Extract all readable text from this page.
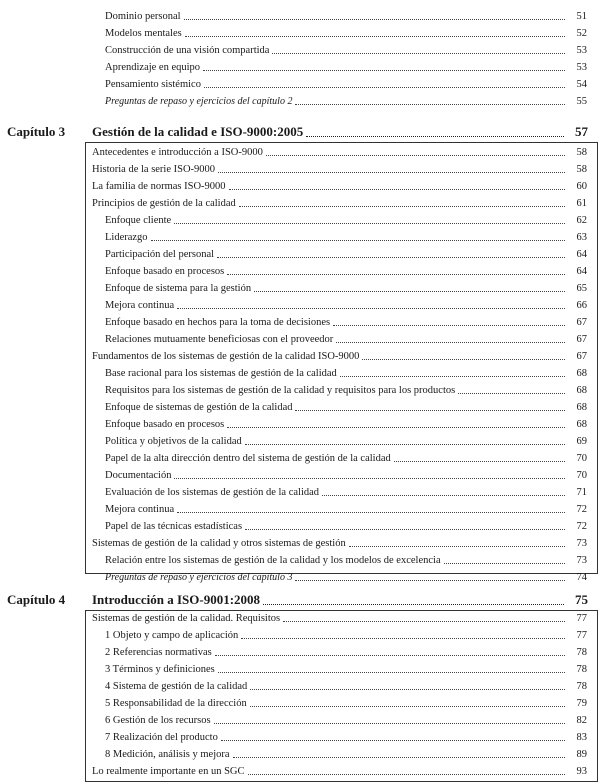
Dominio personal	51
Modelos mentales	52
Construcción de una visión compartida	53
Aprendizaje en equipo	53
Pensamiento sistémico	54
Preguntas de repaso y ejercicios del capítulo 2	55
Capítulo 3 Gestión de la calidad e ISO-9000:2005	57
Antecedentes e introducción a ISO-9000	58
Historia de la serie ISO-9000	58
La familia de normas ISO-9000	60
Principios de gestión de la calidad	61
Enfoque cliente	62
Liderazgo	63
Participación del personal	64
Enfoque basado en procesos	64
Enfoque de sistema para la gestión	65
Mejora continua	66
Enfoque basado en hechos para la toma de decisiones	67
Relaciones mutuamente beneficiosas con el proveedor	67
Fundamentos de los sistemas de gestión de la calidad ISO-9000	67
Base racional para los sistemas de gestión de la calidad	68
Requisitos para los sistemas de gestión de la calidad y requisitos para los productos	68
Enfoque de sistemas de gestión de la calidad	68
Enfoque basado en procesos	68
Política y objetivos de la calidad	69
Papel de la alta dirección dentro del sistema de gestión de la calidad	70
Documentación	70
Evaluación de los sistemas de gestión de la calidad	71
Mejora continua	72
Papel de las técnicas estadísticas	72
Sistemas de gestión de la calidad y otros sistemas de gestión	73
Relación entre los sistemas de gestión de la calidad y los modelos de excelencia	73
Preguntas de repaso y ejercicios del capítulo 3	74
Capítulo 4 Introducción a ISO-9001:2008	75
Sistemas de gestión de la calidad. Requisitos	77
1 Objeto y campo de aplicación	77
2 Referencias normativas	78
3 Términos y definiciones	78
4 Sistema de gestión de la calidad	78
5 Responsabilidad de la dirección	79
6 Gestión de los recursos	82
7 Realización del producto	83
8 Medición, análisis y mejora	89
Lo realmente importante en un SGC	93
